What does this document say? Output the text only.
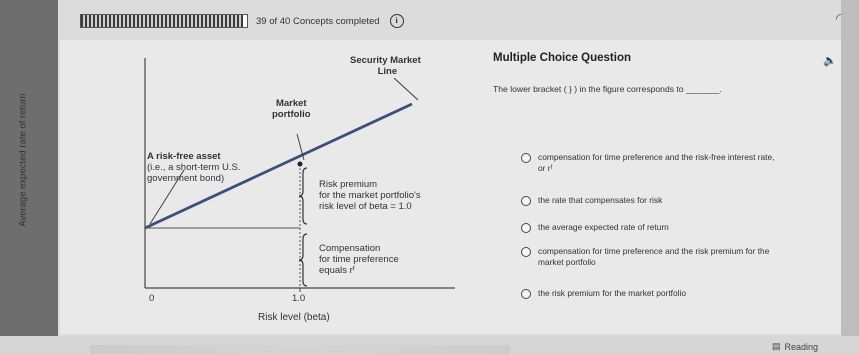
39 of 40 Concepts completed	i	◜
Security Market
Line
Market
portfolio
A risk-free asset
(i.e., a short-term U.S.
government bond)
Risk premium
for the market portfolio's
risk level of beta = 1.0
Compensation
for time preference
equals rᶠ
0	1.0
Risk level (beta)
Average expected rate of return
Multiple Choice Question	🔈
The lower bracket ( } ) in the figure corresponds to _______.
compensation for time preference and the risk-free interest rate,
or rᶠ
the rate that compensates for risk
the average expected rate of return
compensation for time preference and the risk premium for the
market portfolio
the risk premium for the market portfolio
▤ Reading
